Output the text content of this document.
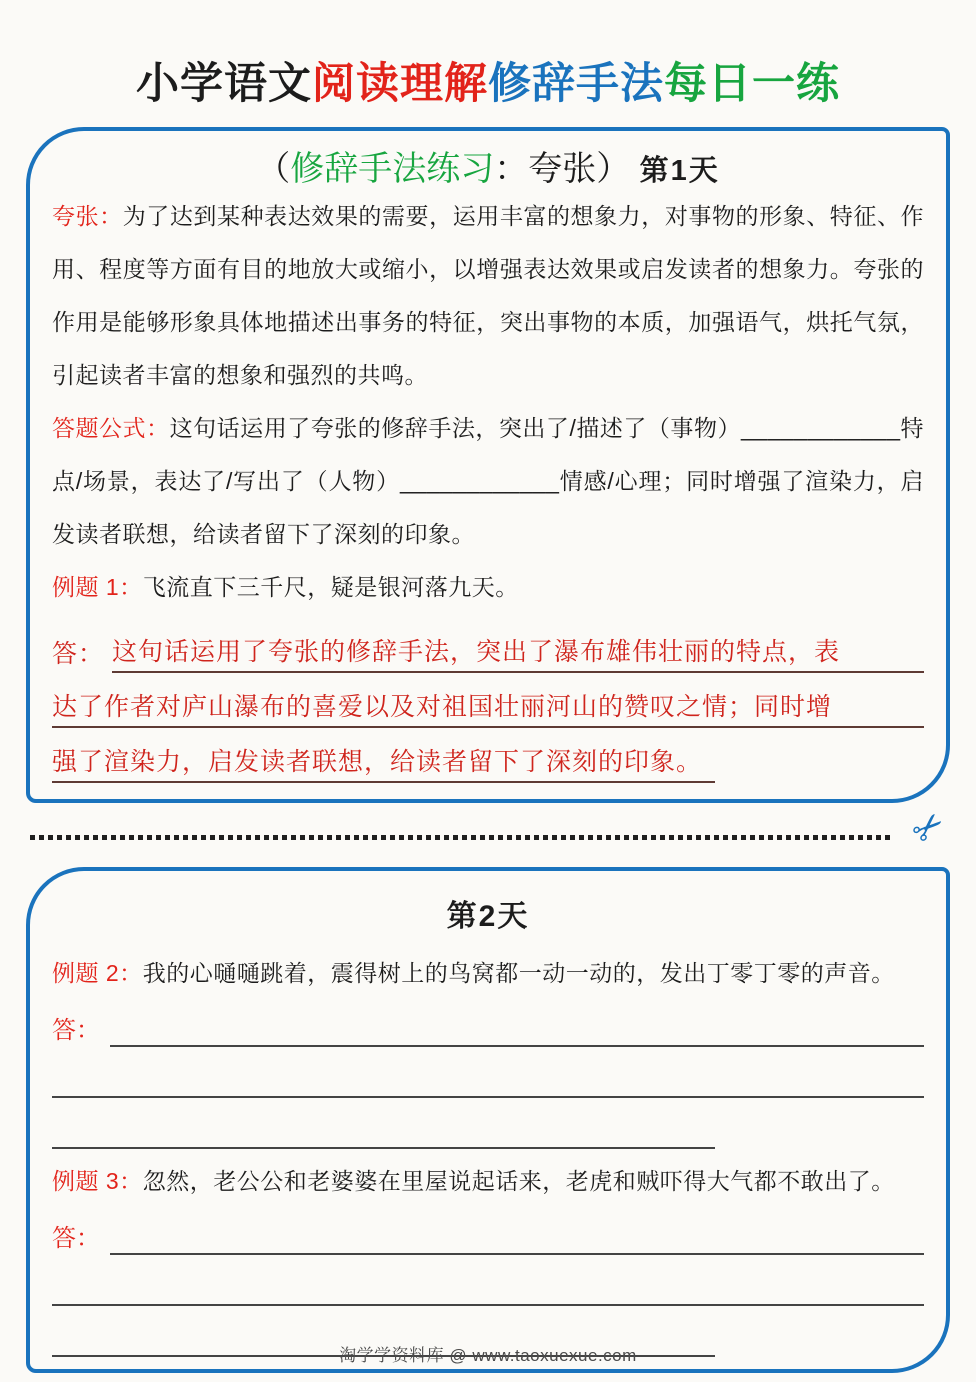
小学语文阅读理解修辞手法每日一练
（修辞手法练习：夸张） 第1天
夸张：为了达到某种表达效果的需要，运用丰富的想象力，对事物的形象、特征、作用、程度等方面有目的地放大或缩小，以增强表达效果或启发读者的想象力。夸张的作用是能够形象具体地描述出事务的特征，突出事物的本质，加强语气，烘托气氛，引起读者丰富的想象和强烈的共鸣。
答题公式：这句话运用了夸张的修辞手法，突出了/描述了（事物）____________特点/场景，表达了/写出了（人物）____________情感/心理；同时增强了渲染力，启发读者联想，给读者留下了深刻的印象。
例题 1：飞流直下三千尺，疑是银河落九天。
答： 这句话运用了夸张的修辞手法，突出了瀑布雄伟壮丽的特点，表
达了作者对庐山瀑布的喜爱以及对祖国壮丽河山的赞叹之情；同时增
强了渲染力，启发读者联想，给读者留下了深刻的印象。
✂
第2天
例题 2：我的心嗵嗵跳着，震得树上的鸟窝都一动一动的，发出丁零丁零的声音。
答：
例题 3：忽然，老公公和老婆婆在里屋说起话来，老虎和贼吓得大气都不敢出了。
答：
淘学学资料库 @ www.taoxuexue.com
